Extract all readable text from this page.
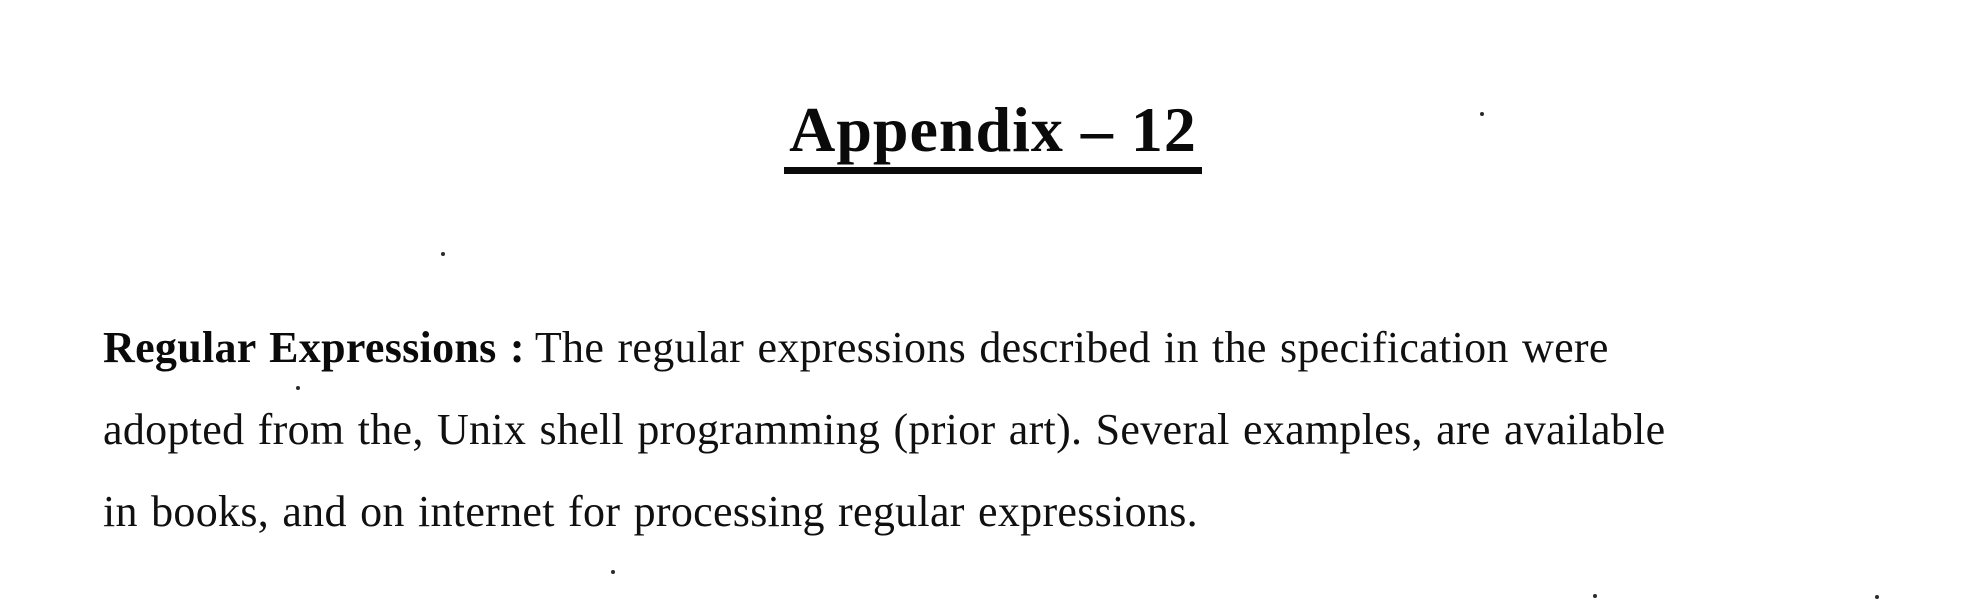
Appendix – 12
Regular Expressions : The regular expressions described in the specification were
adopted from the, Unix shell programming (prior art). Several examples, are available
in books, and on internet for processing regular expressions.
